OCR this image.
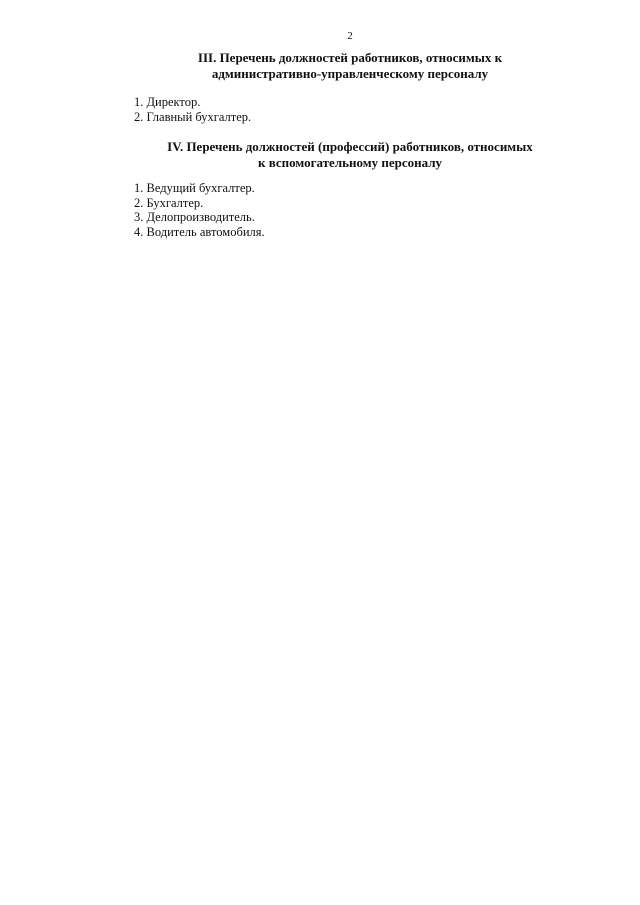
2
III. Перечень должностей работников, относимых к
административно-управленческому персоналу
1. Директор.
2. Главный бухгалтер.
IV. Перечень должностей (профессий) работников, относимых
к вспомогательному персоналу
1. Ведущий бухгалтер.
2. Бухгалтер.
3. Делопроизводитель.
4. Водитель автомобиля.
